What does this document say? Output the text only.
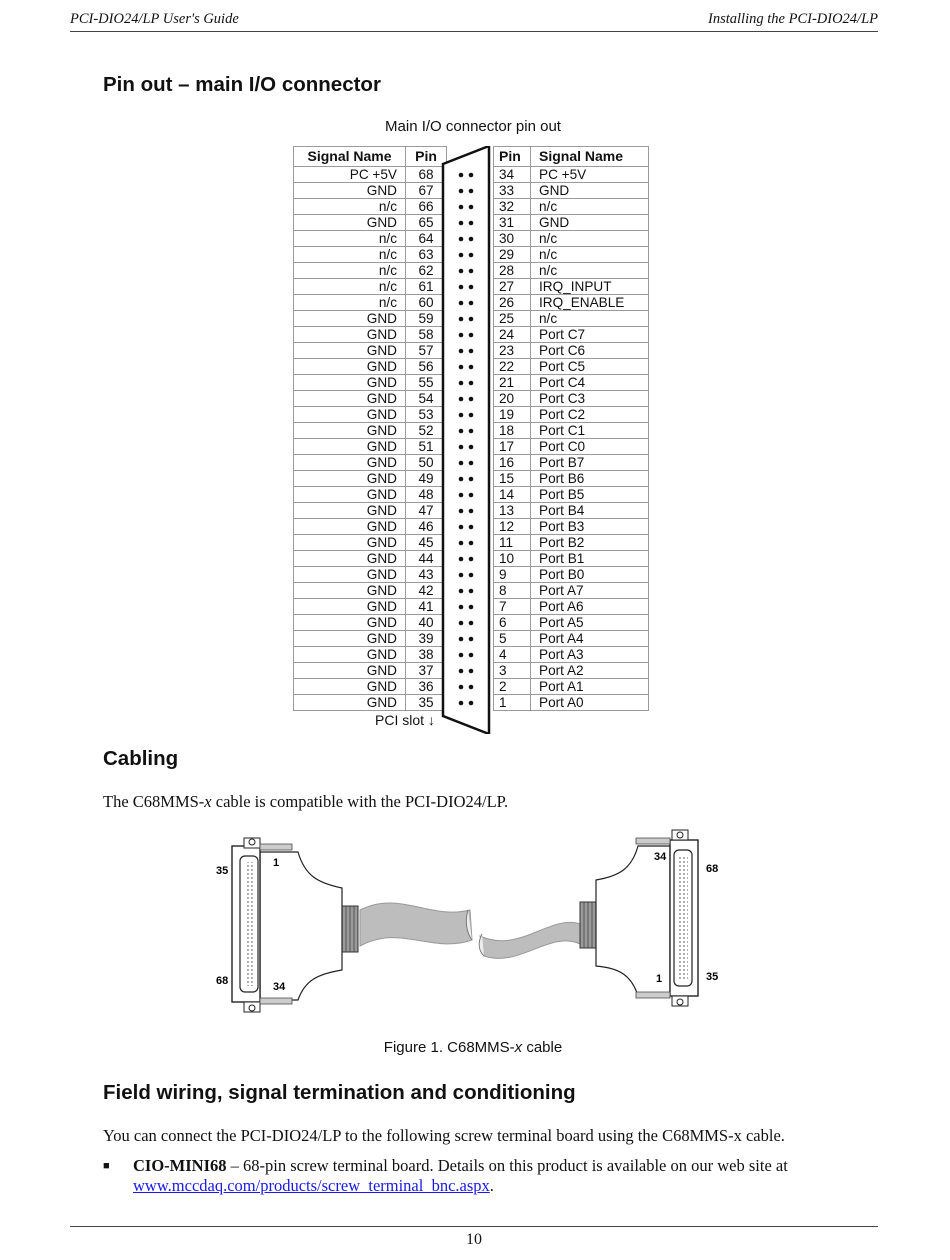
PCI-DIO24/LP User's Guide	Installing the PCI-DIO24/LP
Pin out – main I/O connector
Main I/O connector pin out
Signal Name	Pin
PC +5V	68
GND	67
n/c	66
GND	65
n/c	64
n/c	63
n/c	62
n/c	61
n/c	60
GND	59
GND	58
GND	57
GND	56
GND	55
GND	54
GND	53
GND	52
GND	51
GND	50
GND	49
GND	48
GND	47
GND	46
GND	45
GND	44
GND	43
GND	42
GND	41
GND	40
GND	39
GND	38
GND	37
GND	36
GND	35
Pin	Signal Name
34	PC +5V
33	GND
32	n/c
31	GND
30	n/c
29	n/c
28	n/c
27	IRQ_INPUT
26	IRQ_ENABLE
25	n/c
24	Port C7
23	Port C6
22	Port C5
21	Port C4
20	Port C3
19	Port C2
18	Port C1
17	Port C0
16	Port B7
15	Port B6
14	Port B5
13	Port B4
12	Port B3
11	Port B2
10	Port B1
9	Port B0
8	Port A7
7	Port A6
6	Port A5
5	Port A4
4	Port A3
3	Port A2
2	Port A1
1	Port A0
PCI slot ↓
Cabling

The C68MMS-x cable is compatible with the PCI-DIO24/LP.

35
1
68	34
34
68
1	35
Figure 1. C68MMS-x cable
Field wiring, signal termination and conditioning

You can connect the PCI-DIO24/LP to the following screw terminal board using the C68MMS-x cable.

■ CIO-MINI68 – 68-pin screw terminal board. Details on this product is available on our web site at www.mccdaq.com/products/screw_terminal_bnc.aspx.
10
